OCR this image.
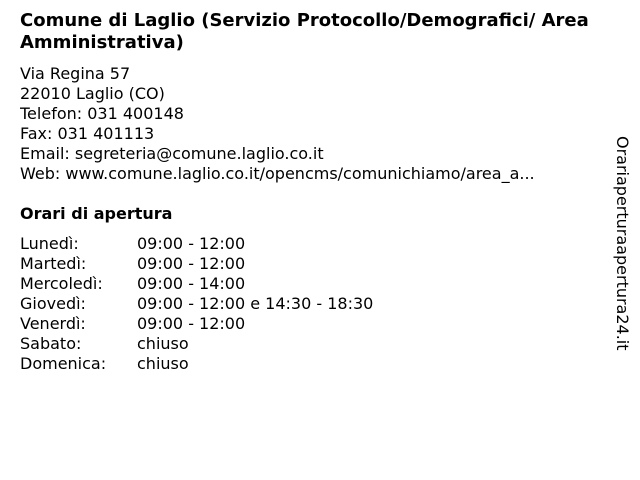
Comune di Laglio (Servizio Protocollo/Demografici/ Area Amministrativa)
Via Regina 57
22010 Laglio (CO)
Telefon: 031 400148
Fax: 031 401113
Email: segreteria@comune.laglio.co.it
Web: www.comune.laglio.co.it/opencms/comunichiamo/area_a...
Orari di apertura
Lunedì:	09:00 - 12:00
Martedì:	09:00 - 12:00
Mercoledì:	09:00 - 14:00
Giovedì:	09:00 - 12:00 e 14:30 - 18:30
Venerdì:	09:00 - 12:00
Sabato:	chiuso
Domenica:	chiuso
Orariaperturaapertura24.it
